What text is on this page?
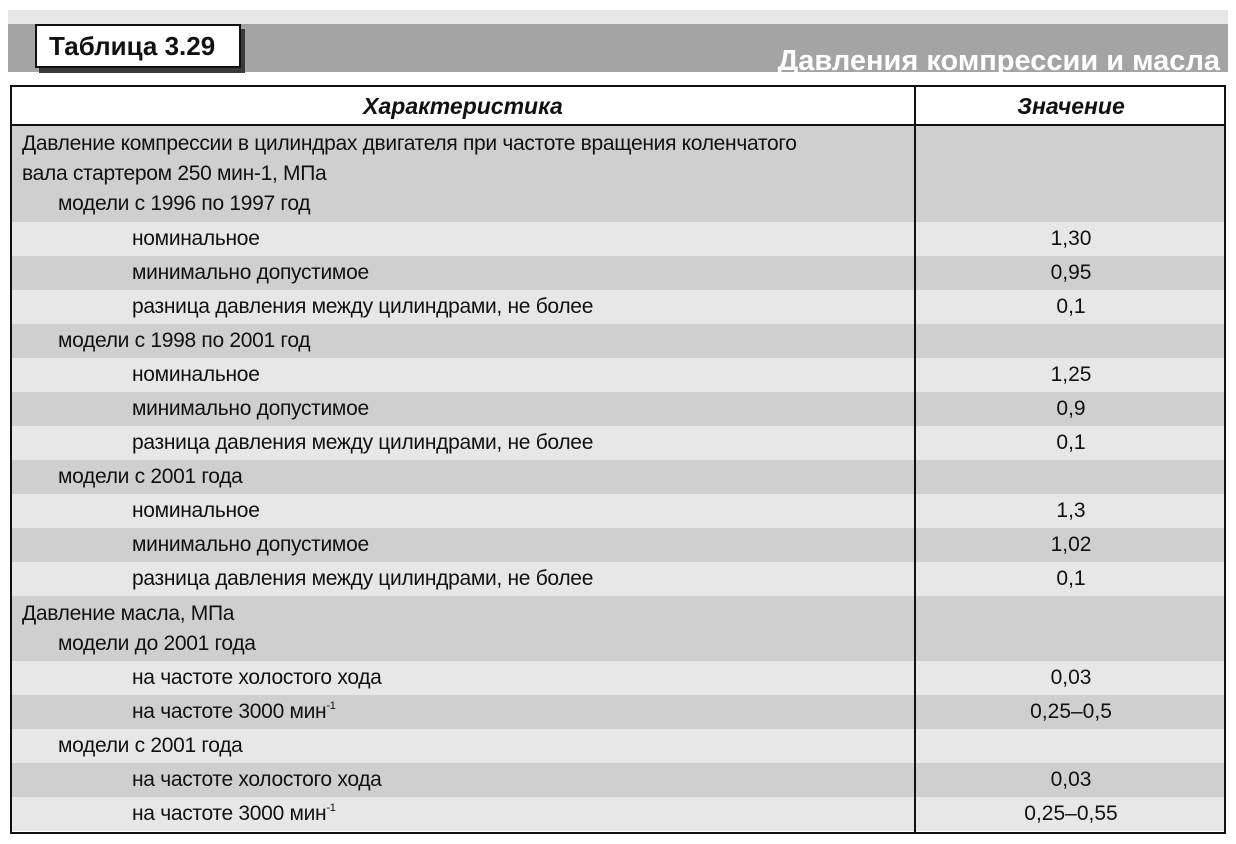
Давления компрессии и масла
Таблица 3.29
Характеристика	Значение
Давление компрессии в цилиндрах двигателя при частоте вращения коленчатого
вала стартером 250 мин-1, МПа
модели с 1996 по 1997 год
номинальное	1,30
минимально допустимое	0,95
разница давления между цилиндрами, не более	0,1
модели с 1998 по 2001 год
номинальное	1,25
минимально допустимое	0,9
разница давления между цилиндрами, не более	0,1
модели с 2001 года
номинальное	1,3
минимально допустимое	1,02
разница давления между цилиндрами, не более	0,1
Давление масла, МПа
модели до 2001 года
на частоте холостого хода	0,03
на частоте 3000 мин$^{-1}$	0,25–0,5
модели с 2001 года
на частоте холостого хода	0,03
на частоте 3000 мин$^{-1}$	0,25–0,55
